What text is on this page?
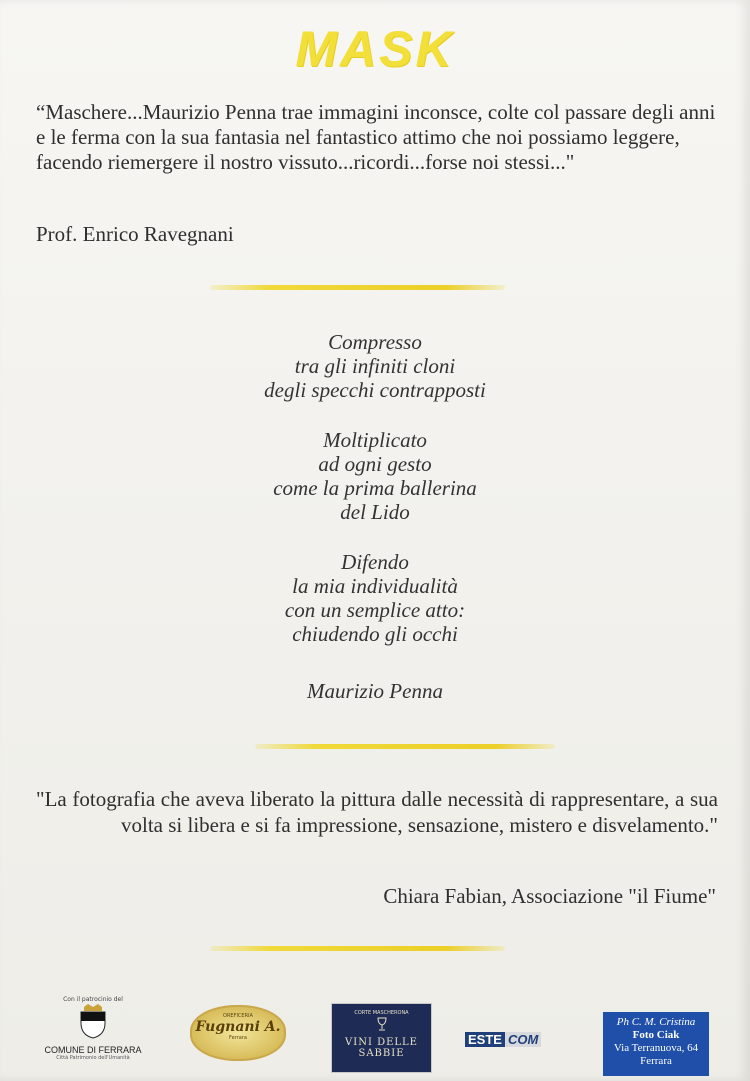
MASK
“Maschere...Maurizio Penna trae immagini inconsce, colte col passare degli anni e le ferma con la sua fantasia nel fantastico attimo che noi possiamo leggere, facendo riemergere il nostro vissuto...ricordi...forse noi stessi..."
Prof. Enrico Ravegnani
Compresso
tra gli infiniti cloni
degli specchi contrapposti
Moltiplicato
ad ogni gesto
come la prima ballerina
del Lido
Difendo
la mia individualità
con un semplice atto:
chiudendo gli occhi
Maurizio Penna
"La fotografia che aveva liberato la pittura dalle necessità di rappresentare, a sua volta si libera e si fa impressione, sensazione, mistero e disvelamento."
Chiara Fabian, Associazione "il Fiume"
Con il patrocinio del
COMUNE DI FERRARA
Città Patrimonio dell'Umanità
OREFICERIA
Fugnani A.
Ferrara
CORTE MASCHERONA
VINI DELLE SABBIE
ESTE COM
Ph C. M. Cristina
Foto Ciak
Via Terranuova, 64
Ferrara
